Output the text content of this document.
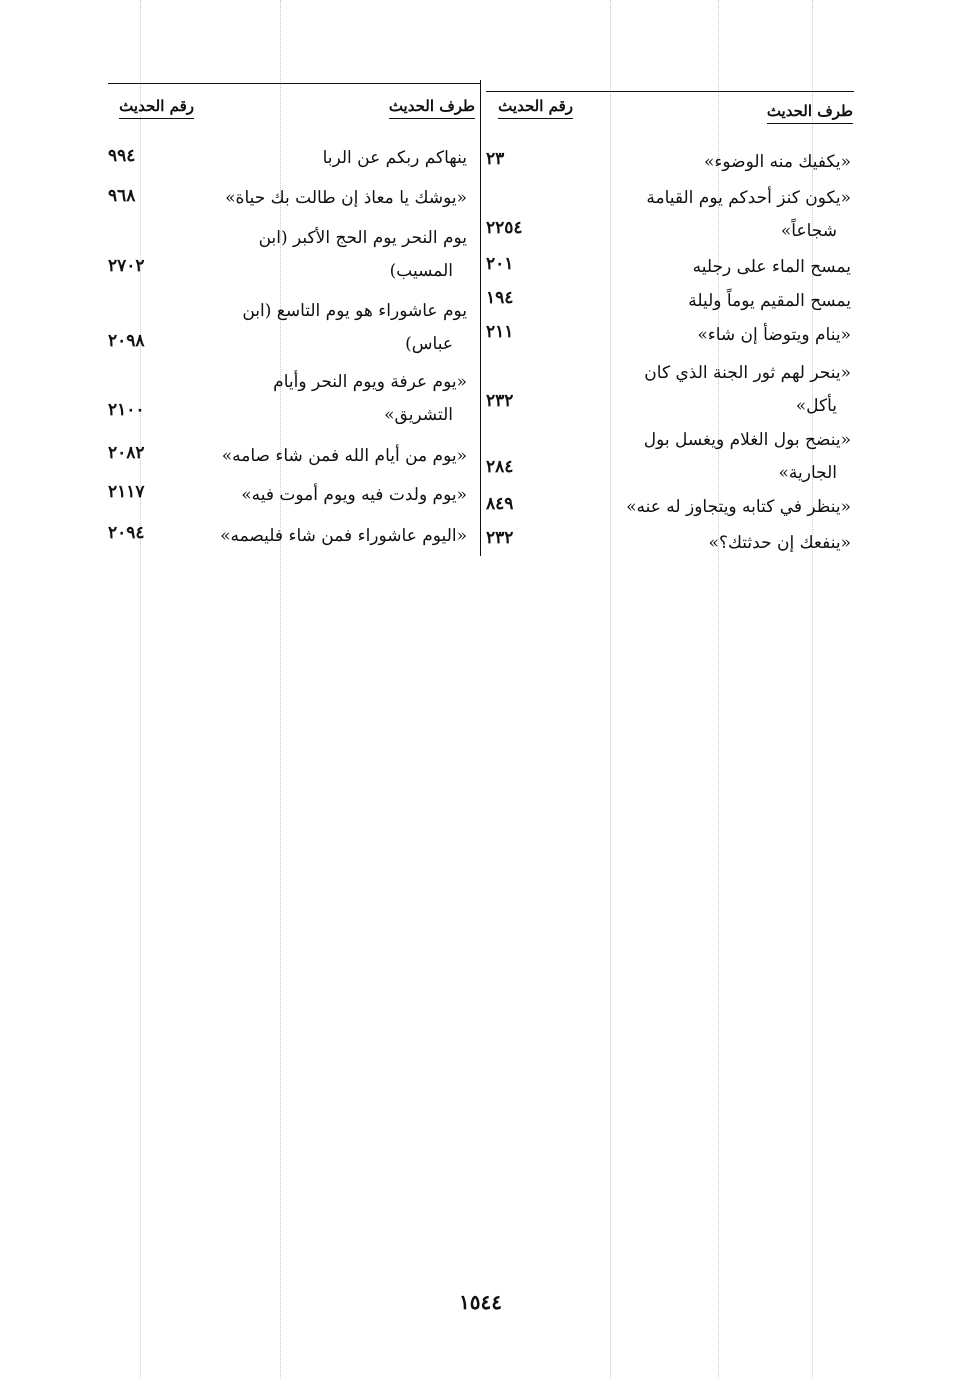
طرف الحديث
رقم الحديث
طرف الحديث
رقم الحديث
«يكفيك منه الوضوء»
٢٣
«يكون كنز أحدكم يوم القيامة
شجاعاً»
٢٢٥٤
يمسح الماء على رجليه
٢٠١
يمسح المقيم يوماً وليلة
١٩٤
«ينام ويتوضأ إن شاء»
٢١١
«ينحر لهم ثور الجنة الذي كان
يأكل»
٢٣٢
«ينضح بول الغلام ويغسل بول
الجارية»
٢٨٤
«ينظر في كتابه ويتجاوز له عنه»
٨٤٩
«ينفعك إن حدثتك؟»
٢٣٢
ينهاكم ربكم عن الربا
٩٩٤
«يوشك يا معاذ إن طالت بك حياة»
٩٦٨
يوم النحر يوم الحج الأكبر (ابن
المسيب)
٢٧٠٢
يوم عاشوراء هو يوم التاسع (ابن
عباس)
٢٠٩٨
«يوم عرفة ويوم النحر وأيام
التشريق»
٢١٠٠
«يوم من أيام الله فمن شاء صامه»
٢٠٨٢
«يوم ولدت فيه ويوم أموت فيه»
٢١١٧
«اليوم عاشوراء فمن شاء فليصمه»
٢٠٩٤
١٥٤٤
